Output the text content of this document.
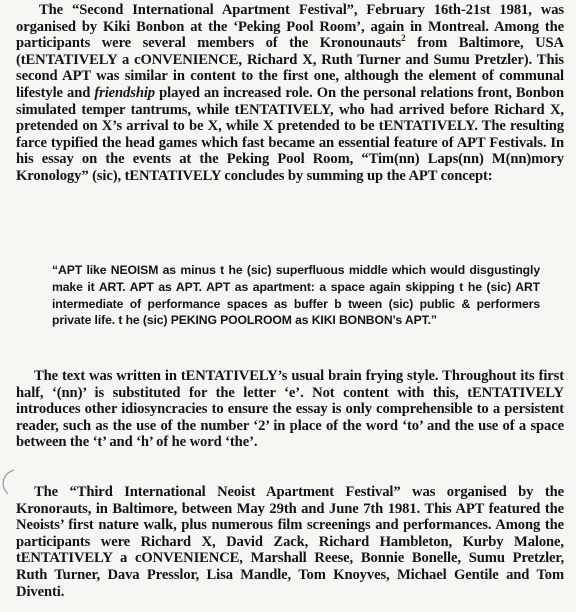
The “Second International Apartment Festival”, February 16th-21st 1981, was organised by Kiki Bonbon at the ‘Peking Pool Room’, again in Montreal. Among the participants were several members of the Kronounauts$^2$ from Baltimore, USA (tENTATIVELY a cONVENIENCE, Richard X, Ruth Turner and Sumu Pretzler). This second APT was similar in content to the first one, although the element of communal lifestyle and friendship played an increased role. On the personal relations front, Bonbon simulated temper tantrums, while tENTATIVELY, who had arrived before Richard X, pretended on X’s arrival to be X, while X pretended to be tENTATIVELY. The resulting farce typified the head games which fast became an essential feature of APT Festivals. In his essay on the events at the Peking Pool Room, “Tim(nn) Laps(nn) M(nn)mory Kronology” (sic), tENTATIVELY concludes by summing up the APT concept:

“APT like NEOISM as minus t he (sic) superfluous middle which would disgustingly make it ART. APT as APT. APT as apartment: a space again skipping t he (sic) ART intermediate of performance spaces as buffer b tween (sic) public & performers private life. t he (sic) PEKING POOLROOM as KIKI BONBON’s APT.”

The text was written in tENTATIVELY’s usual brain frying style. Throughout its first half, ‘(nn)’ is substituted for the letter ‘e’. Not content with this, tENTATIVELY introduces other idiosyncracies to ensure the essay is only comprehensible to a persistent reader, such as the use of the number ‘2’ in place of the word ‘to’ and the use of a space between the ‘t’ and ‘h’ of he word ‘the’.

The “Third International Neoist Apartment Festival” was organised by the Kronorauts, in Baltimore, between May 29th and June 7th 1981. This APT featured the Neoists’ first nature walk, plus numerous film screenings and performances. Among the participants were Richard X, David Zack, Richard Hambleton, Kurby Malone, tENTATIVELY a cONVENIENCE, Marshall Reese, Bonnie Bonelle, Sumu Pretzler, Ruth Turner, Dava Presslor, Lisa Mandle, Tom Knoyves, Michael Gentile and Tom Diventi.
